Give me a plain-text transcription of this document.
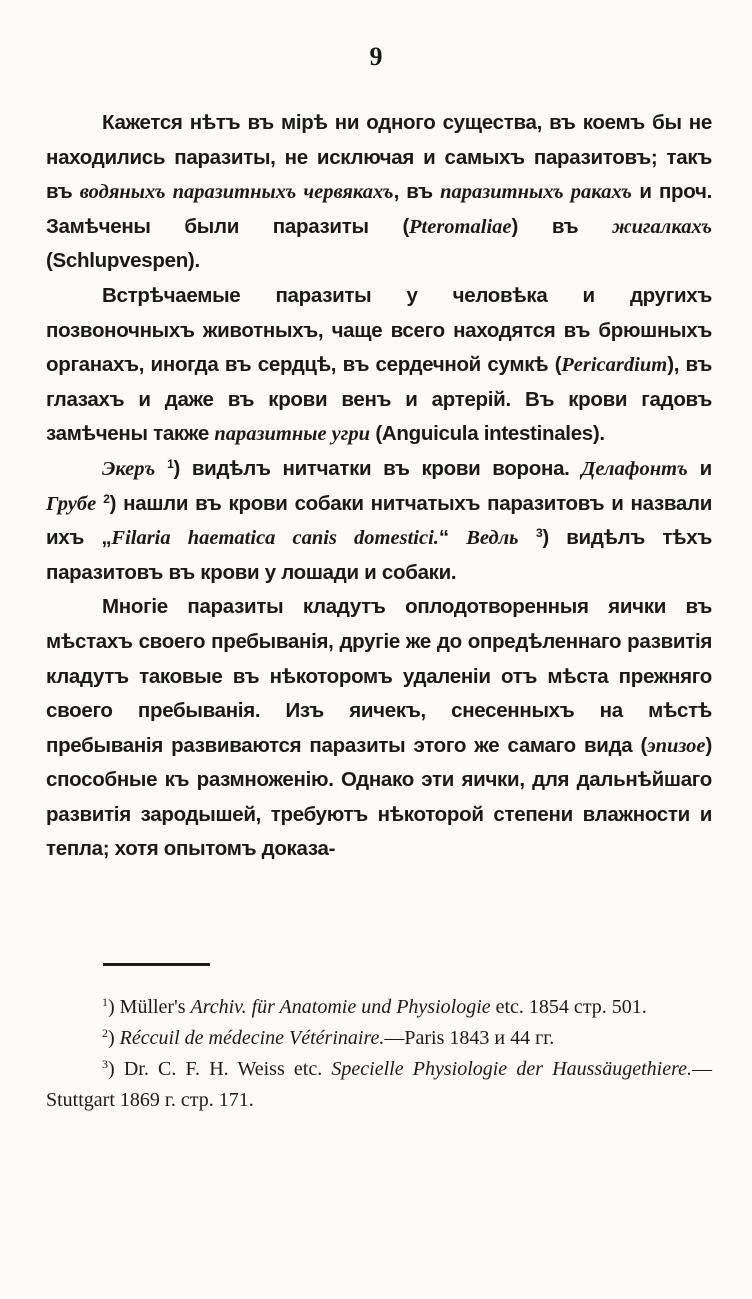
9

Кажется нѣтъ въ мірѣ ни одного существа, въ коемъ бы не находились паразиты, не исключая и самыхъ паразитовъ; такъ въ водяныхъ паразитныхъ червякахъ, въ паразитныхъ ракахъ и проч. Замѣчены были паразиты (Pteromaliae) въ жигалкахъ (Schlupvespen).

Встрѣчаемые паразиты у человѣка и другихъ позвоночныхъ животныхъ, чаще всего находятся въ брюшныхъ органахъ, иногда въ сердцѣ, въ сердечной сумкѣ (Pericardium), въ глазахъ и даже въ крови венъ и артерій. Въ крови гадовъ замѣчены также паразитные угри (Anguicula intestinales).

Экеръ $^1$) видѣлъ нитчатки въ крови ворона. Делафонтъ и Грубе $^2$) нашли въ крови собаки нитчатыхъ паразитовъ и назвали ихъ „Filaria haematica canis domestici.“ Ведль $^3$) видѣлъ тѣхъ паразитовъ въ крови у лошади и собаки.

Многіе паразиты кладутъ оплодотворенныя яички въ мѣстахъ своего пребыванія, другіе же до опредѣленнаго развитія кладутъ таковые въ нѣкоторомъ удаленіи отъ мѣста прежняго своего пребыванія. Изъ яичекъ, снесенныхъ на мѣстѣ пребыванія развиваются паразиты этого же самаго вида (эпизое) способные къ размноженію. Однако эти яички, для дальнѣйшаго развитія зародышей, требуютъ нѣкоторой степени влажности и тепла; хотя опытомъ доказа-

$^1$) Müller's Archiv. für Anatomie und Physiologie etc. 1854 стр. 501.

$^2$) Réccuil de médecine Vétérinaire.—Paris 1843 и 44 гг.

$^3$) Dr. C. F. H. Weiss etc. Specielle Physiologie der Haussäugethiere.—Stuttgart 1869 г. стр. 171.
